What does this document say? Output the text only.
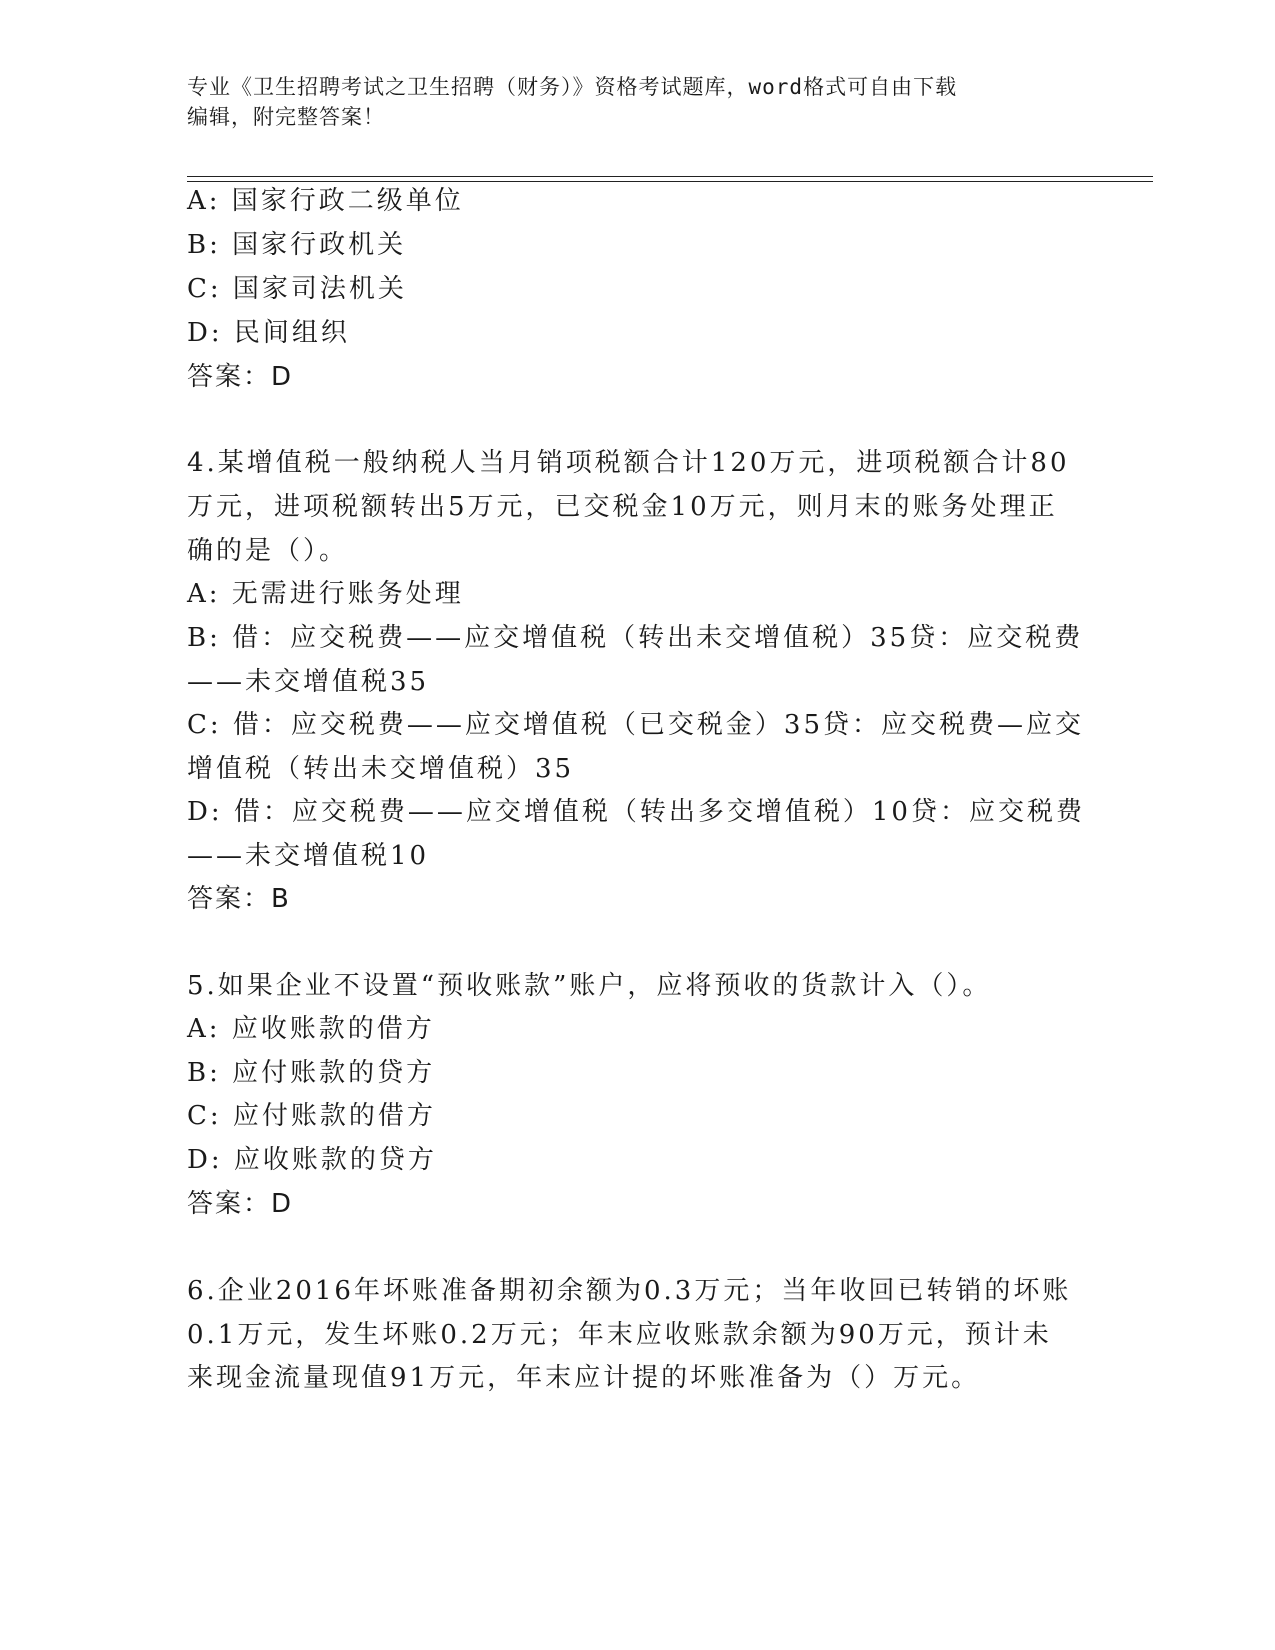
专业《卫生招聘考试之卫生招聘（财务）》资格考试题库，word格式可自由下载
编辑，附完整答案！
A: 国家行政二级单位
B: 国家行政机关
C: 国家司法机关
D: 民间组织
答案：D
4.某增值税一般纳税人当月销项税额合计120万元，进项税额合计80
万元，进项税额转出5万元，已交税金10万元，则月末的账务处理正
确的是（）。
A: 无需进行账务处理
B: 借：应交税费——应交增值税（转出未交增值税）35贷：应交税费
——未交增值税35
C: 借：应交税费——应交增值税（已交税金）35贷：应交税费—应交
增值税（转出未交增值税）35
D: 借：应交税费——应交增值税（转出多交增值税）10贷：应交税费
——未交增值税10
答案：B
5.如果企业不设置“预收账款”账户，应将预收的货款计入（）。
A: 应收账款的借方
B: 应付账款的贷方
C: 应付账款的借方
D: 应收账款的贷方
答案：D
6.企业2016年坏账准备期初余额为0.3万元；当年收回已转销的坏账
0.1万元，发生坏账0.2万元；年末应收账款余额为90万元，预计未
来现金流量现值91万元，年末应计提的坏账准备为（）万元。
